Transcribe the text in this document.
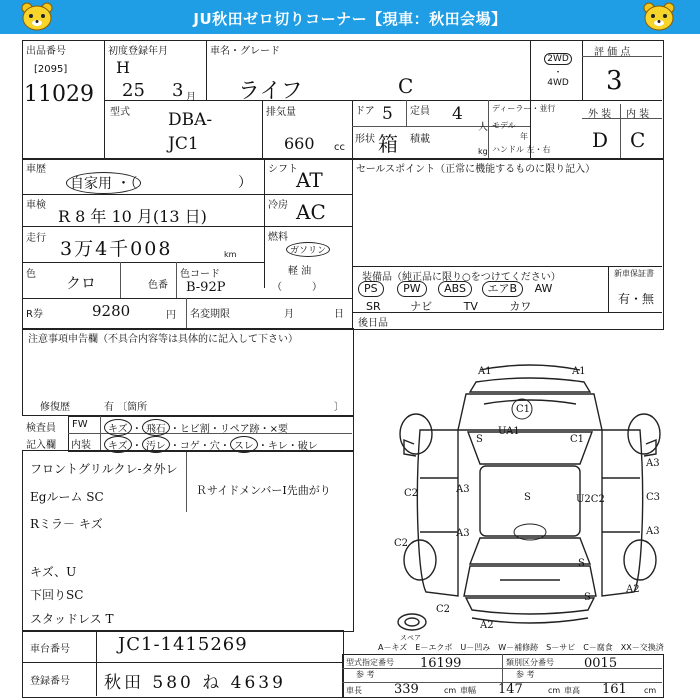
JU秋田ゼロ切りコーナー【現車：秋田会場】
出品番号
[2095]
11029
初度登録年月
H
25 3 月
車名・グレード
ライフ	C
2WD
・
4WD
評 価 点
3
型式 DBA-
JC1
排気量
660 cc
ドア 5 定員 4
人
形状 箱 積載
kg
ディーラー・並行
モデル
年
ハンドル 左・右
外 装 内 装
D C
車歴
自家用 ・（	）
シフト
AT
車検
R 8 年 10 月(13 日)
冷房 AC
走行 3万4千008	km
燃料
ガソリン
軽 油
（　　　）
色 クロ	色番
色コード
B-92P
R券	9280	円 名変期限	月	日
セールスポイント（正常に機能するものに限り記入）
装備品（純正品に限り○をつけてください）	新車保証書
有・無
PS PW ABS エアB AW
SR	ナビ	TV	カワ
後日品
注意事項申告欄（不具合内容等は具体的に記入して下さい）
修復歴	有 〔箇所	〕
検査員
記入欄
FW	キズ ・ 飛石 ・ヒビ割・リペア跡・×要
内装	キズ ・ 汚レ ・コゲ・穴・ スレ ・キレ・破レ
フロントグリルクレ-タ外レ
Egルーム SC
Rミラ－ キズ
キズ、U
下回りSC
スタッドレス T
ＲサイドメンバーⅠ先曲がり
A1	A1
C1
UA1
S	C1
A3
C2	A3
S	U2C2	C3
A3
C2
A3
C2
A2
A2
S
S
スペア
A－キズ　E－エクボ　U－凹み　W－補修跡　S－サビ　C－腐食　XX－交換済
車台番号	JC1-1415269
登録番号 秋田 580 ね 4639
型式指定番号
参 考
16199	類別区分番号
参 考
0015
車長 339	cm 車幅 147	cm 車高 161 cm
